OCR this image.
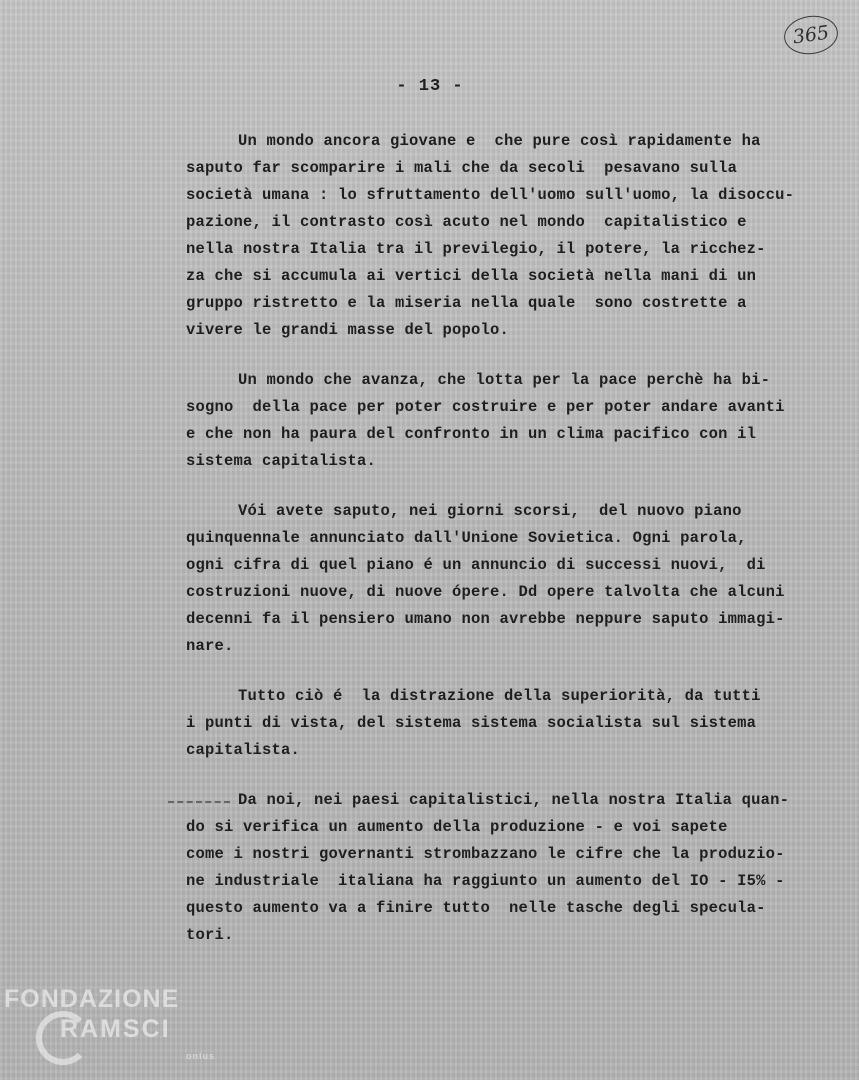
365
- 13 -
Un mondo ancora giovane e  che pure così rapidamente ha
saputo far scomparire i mali che da secoli  pesavano sulla
società umana : lo sfruttamento dell'uomo sull'uomo, la disoccu-
pazione, il contrasto così acuto nel mondo  capitalistico e
nella nostra Italia tra il previlegio, il potere, la ricchez-
za che si accumula ai vertici della società nella mani di un
gruppo ristretto e la miseria nella quale  sono costrette a
vivere le grandi masse del popolo.
Un mondo che avanza, che lotta per la pace perchè ha bi-
sogno  della pace per poter costruire e per poter andare avanti
e che non ha paura del confronto in un clima pacifico con il
sistema capitalista.
Vói avete saputo, nei giorni scorsi,  del nuovo piano
quinquennale annunciato dall'Unione Sovietica. Ogni parola,
ogni cifra di quel piano é un annuncio di successi nuovi,  di
costruzioni nuove, di nuove ópere. Dd opere talvolta che alcuni
decenni fa il pensiero umano non avrebbe neppure saputo immagi-
nare.
Tutto ciò é  la distrazione della superiorità, da tutti
i punti di vista, del sistema sistema socialista sul sistema
capitalista.
Da noi, nei paesi capitalistici, nella nostra Italia quan-
do si verifica un aumento della produzione - e voi sapete
come i nostri governanti strombazzano le cifre che la produzio-
ne industriale  italiana ha raggiunto un aumento del IO - I5% -
questo aumento va a finire tutto  nelle tasche degli specula-
tori.
FONDAZIONE
RAMSCI
onlus
